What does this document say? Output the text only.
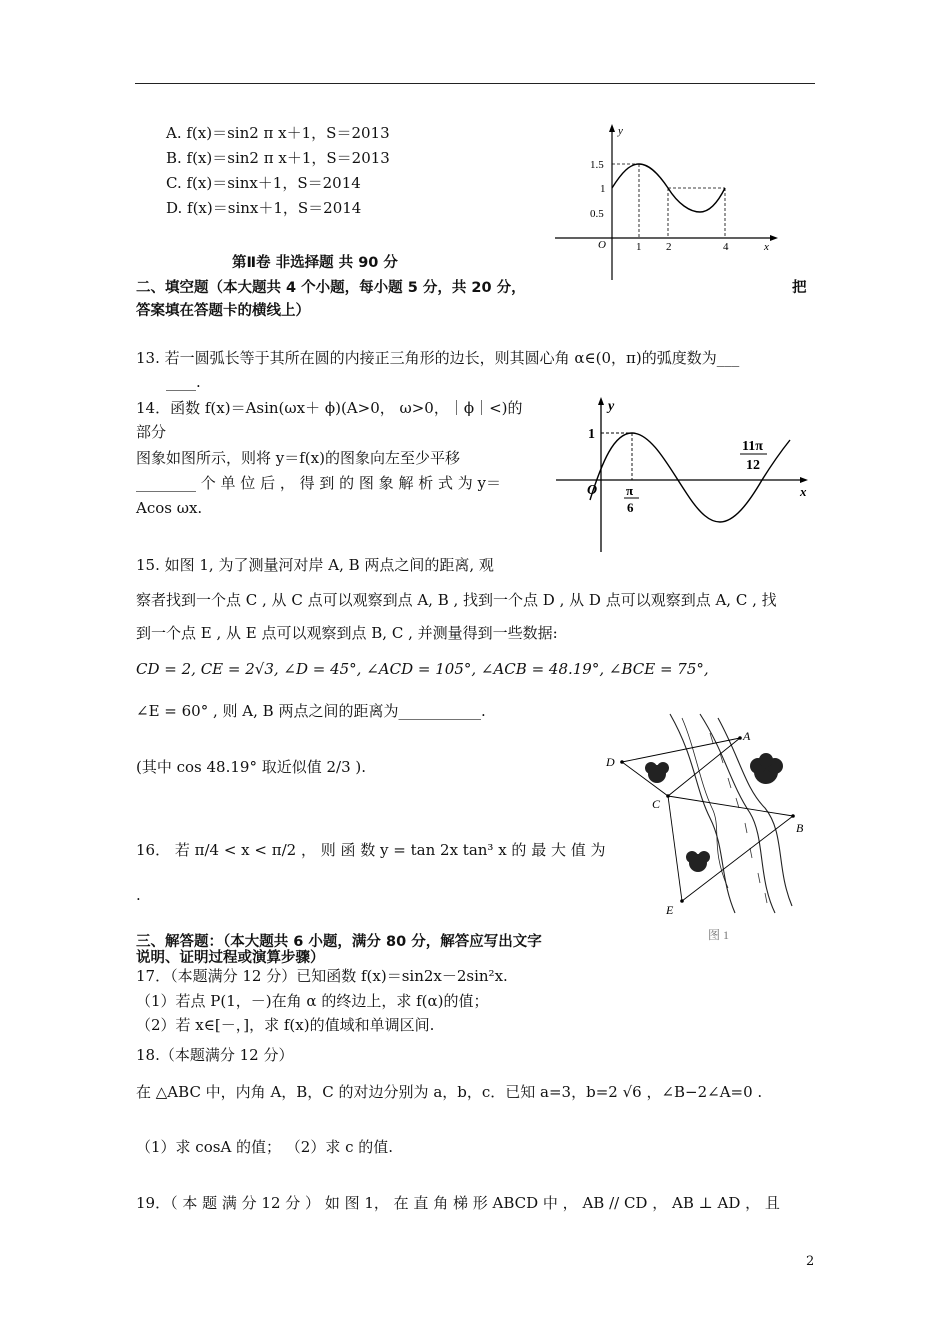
A. f(x)＝sin2 π x＋1，S＝2013
B. f(x)＝sin2 π x＋1，S＝2013
C. f(x)＝sinx＋1，S＝2014
D. f(x)＝sinx＋1，S＝2014
y
x
O
1.5
1
0.5
1 2	4
第Ⅱ卷 非选择题 共 90 分
二、填空题（本大题共 4 个小题，每小题 5 分，共 20 分，	把
答案填在答题卡的横线上）
13. 若一圆弧长等于其所在圆的内接正三角形的边长，则其圆心角 α∈(0，π)的弧度数为___
____.
14．函数 f(x)＝Asin(ωx＋ ϕ)(A>0， ω>0，｜ϕ｜<)的
部分
图象如图所示，则将 y＝f(x)的图象向左至少平移
________ 个 单 位 后 ， 得 到 的 图 象 解 析 式 为 y＝
Acos ωx.
y
x
O
1
π
6
11π
12
15. 如图 1, 为了测量河对岸 A, B 两点之间的距离, 观
察者找到一个点 C , 从 C 点可以观察到点 A, B , 找到一个点 D , 从 D 点可以观察到点 A, C , 找
到一个点 E , 从 E 点可以观察到点 B, C , 并测量得到一些数据:
CD = 2, CE = 2√3, ∠D = 45°, ∠ACD = 105°, ∠ACB = 48.19°, ∠BCE = 75°,
∠E = 60° , 则 A, B 两点之间的距离为___________.
(其中 cos 48.19° 取近似值 2/3 ).	D
A
C
B
E
图 1
16． 若 π/4 < x < π/2 ， 则 函 数 y = tan 2x tan³ x 的 最 大 值 为
.
三、解答题：（本大题共 6 小题，满分 80 分，解答应写出文字
说明、证明过程或演算步骤）
17．（本题满分 12 分）已知函数 f(x)＝sin2x－2sin²x.
（1）若点 P(1，－)在角 α 的终边上，求 f(α)的值；
（2）若 x∈[－，]，求 f(x)的值域和单调区间.
18.（本题满分 12 分）
在 △ABC 中，内角 A，B，C 的对边分别为 a，b，c．已知 a=3，b=2 √6 ，∠B−2∠A=0 .
（1）求 cosA 的值； （2）求 c 的值.
19．（ 本 题 满 分 12 分 ） 如 图 1， 在 直 角 梯 形 ABCD 中 ， AB // CD ， AB ⊥ AD ， 且
2
